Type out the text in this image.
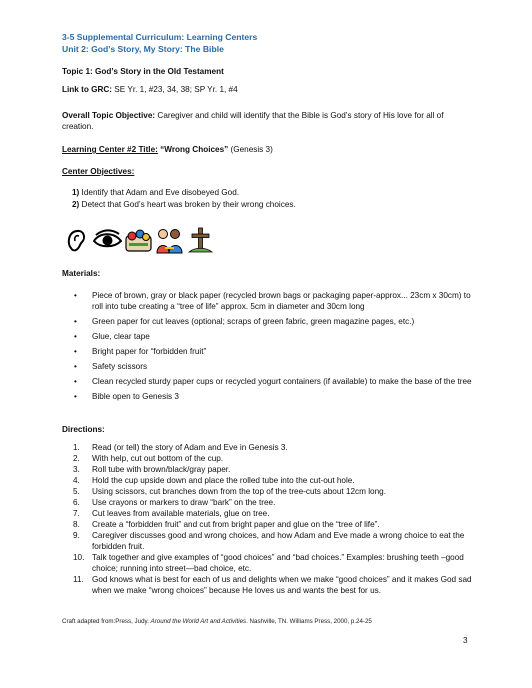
3-5 Supplemental Curriculum: Learning Centers
Unit 2: God’s Story, My Story: The Bible
Topic 1: God’s Story in the Old Testament
Link to GRC: SE Yr. 1, #23, 34, 38; SP Yr. 1, #4
Overall Topic Objective: Caregiver and child will identify that the Bible is God’s story of His love for all of creation.
Learning Center #2 Title: “Wrong Choices” (Genesis 3)
Center Objectives:
1) Identify that Adam and Eve disobeyed God.
2) Detect that God’s heart was broken by their wrong choices.
Materials:
• Piece of brown, gray or black paper (recycled brown bags or packaging paper-approx... 23cm x 30cm) to roll into tube creating a “tree of life” approx. 5cm in diameter and 30cm long
• Green paper for cut leaves (optional; scraps of green fabric, green magazine pages, etc.)
• Glue, clear tape
• Bright paper for “forbidden fruit”
• Safety scissors
• Clean recycled sturdy paper cups or recycled yogurt containers (if available) to make the base of the tree
• Bible open to Genesis 3
Directions:
1. Read (or tell) the story of Adam and Eve in Genesis 3.
2. With help, cut out bottom of the cup.
3. Roll tube with brown/black/gray paper.
4. Hold the cup upside down and place the rolled tube into the cut-out hole.
5. Using scissors, cut branches down from the top of the tree-cuts about 12cm long.
6. Use crayons or markers to draw “bark” on the tree.
7. Cut leaves from available materials, glue on tree.
8. Create a “forbidden fruit” and cut from bright paper and glue on the “tree of life”.
9. Caregiver discusses good and wrong choices, and how Adam and Eve made a wrong choice to eat the forbidden fruit.
10. Talk together and give examples of “good choices” and “bad choices.” Examples: brushing teeth –good choice; running into street—bad choice, etc.
11. God knows what is best for each of us and delights when we make “good choices” and it makes God sad when we make “wrong choices” because He loves us and wants the best for us.
Craft adapted from:Press, Judy. Around the World Art and Activities. Nashville, TN. Williams Press, 2000, p.24-25
3
